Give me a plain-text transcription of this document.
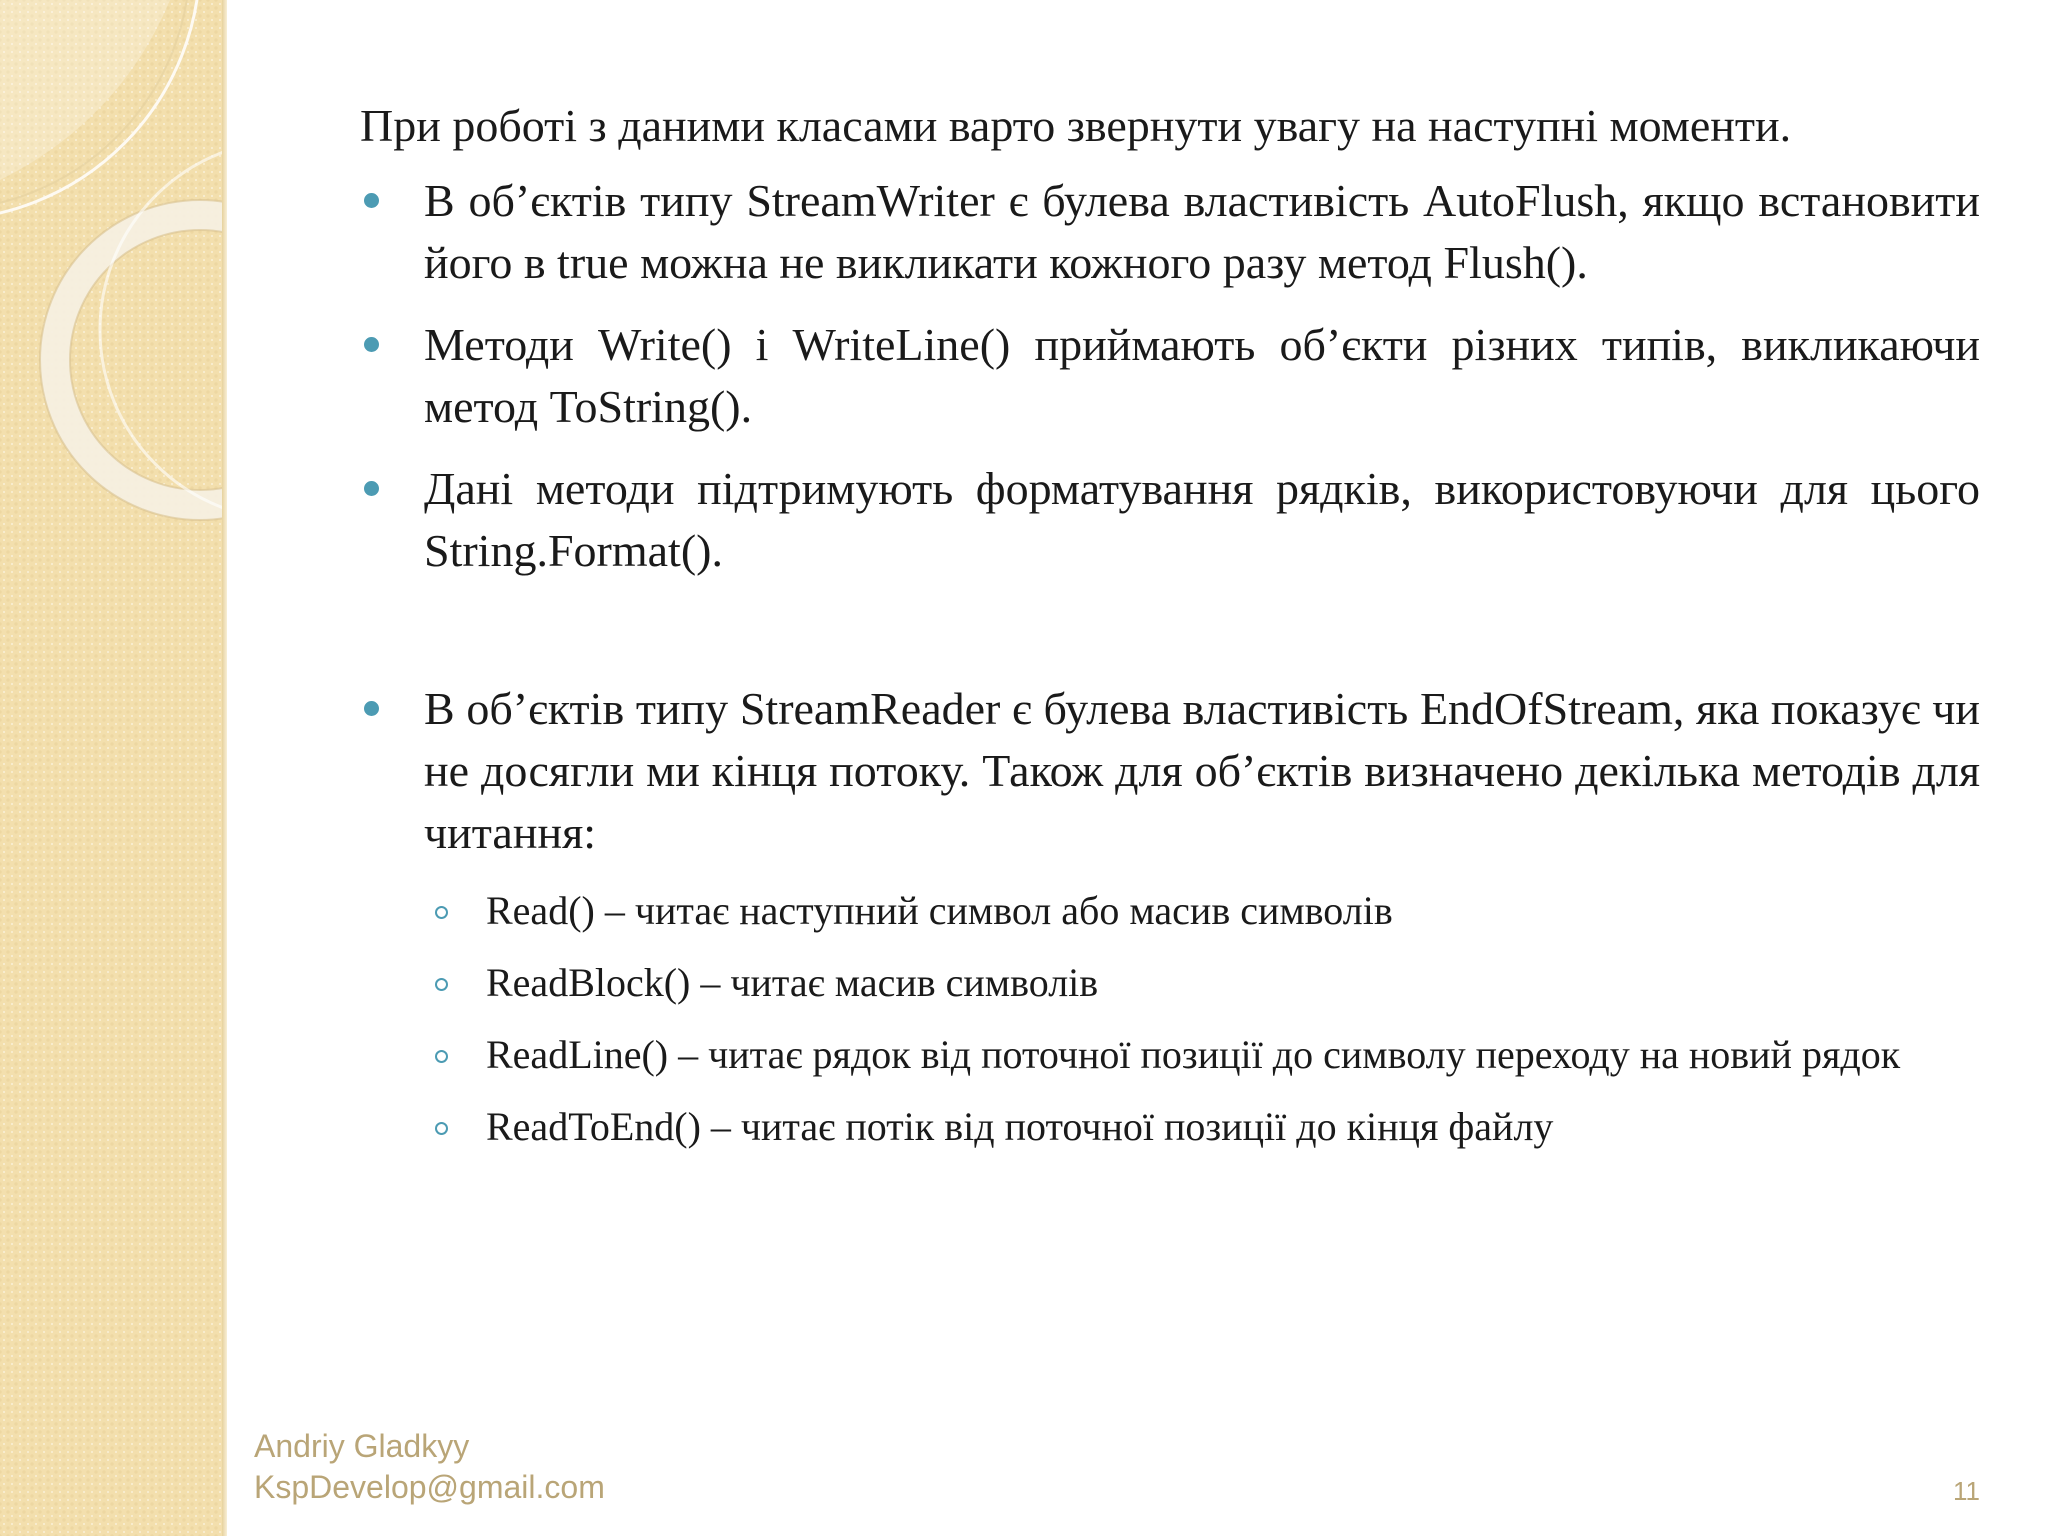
При роботі з даними класами варто звернути увагу на наступні моменти.

В об’єктів типу StreamWriter є булева властивість AutoFlush, якщо встановити його в true можна не викликати кожного разу метод Flush().
Методи Write() і WriteLine() приймають об’єкти різних типів, викликаючи метод ToString().
Дані методи підтримують форматування рядків, використовуючи для цього String.Format().
В об’єктів типу StreamReader є булева властивість EndOfStream, яка показує чи не досягли ми кінця потоку. Також для об’єктів визначено декілька методів для читання:
Read() – читає наступний символ або масив символів
ReadBlock() – читає масив символів
ReadLine() – читає рядок від поточної позиції до символу переходу на новий рядок
ReadToEnd() – читає потік від поточної позиції до кінця файлу
Andriy Gladkyy
KspDevelop@gmail.com	11
